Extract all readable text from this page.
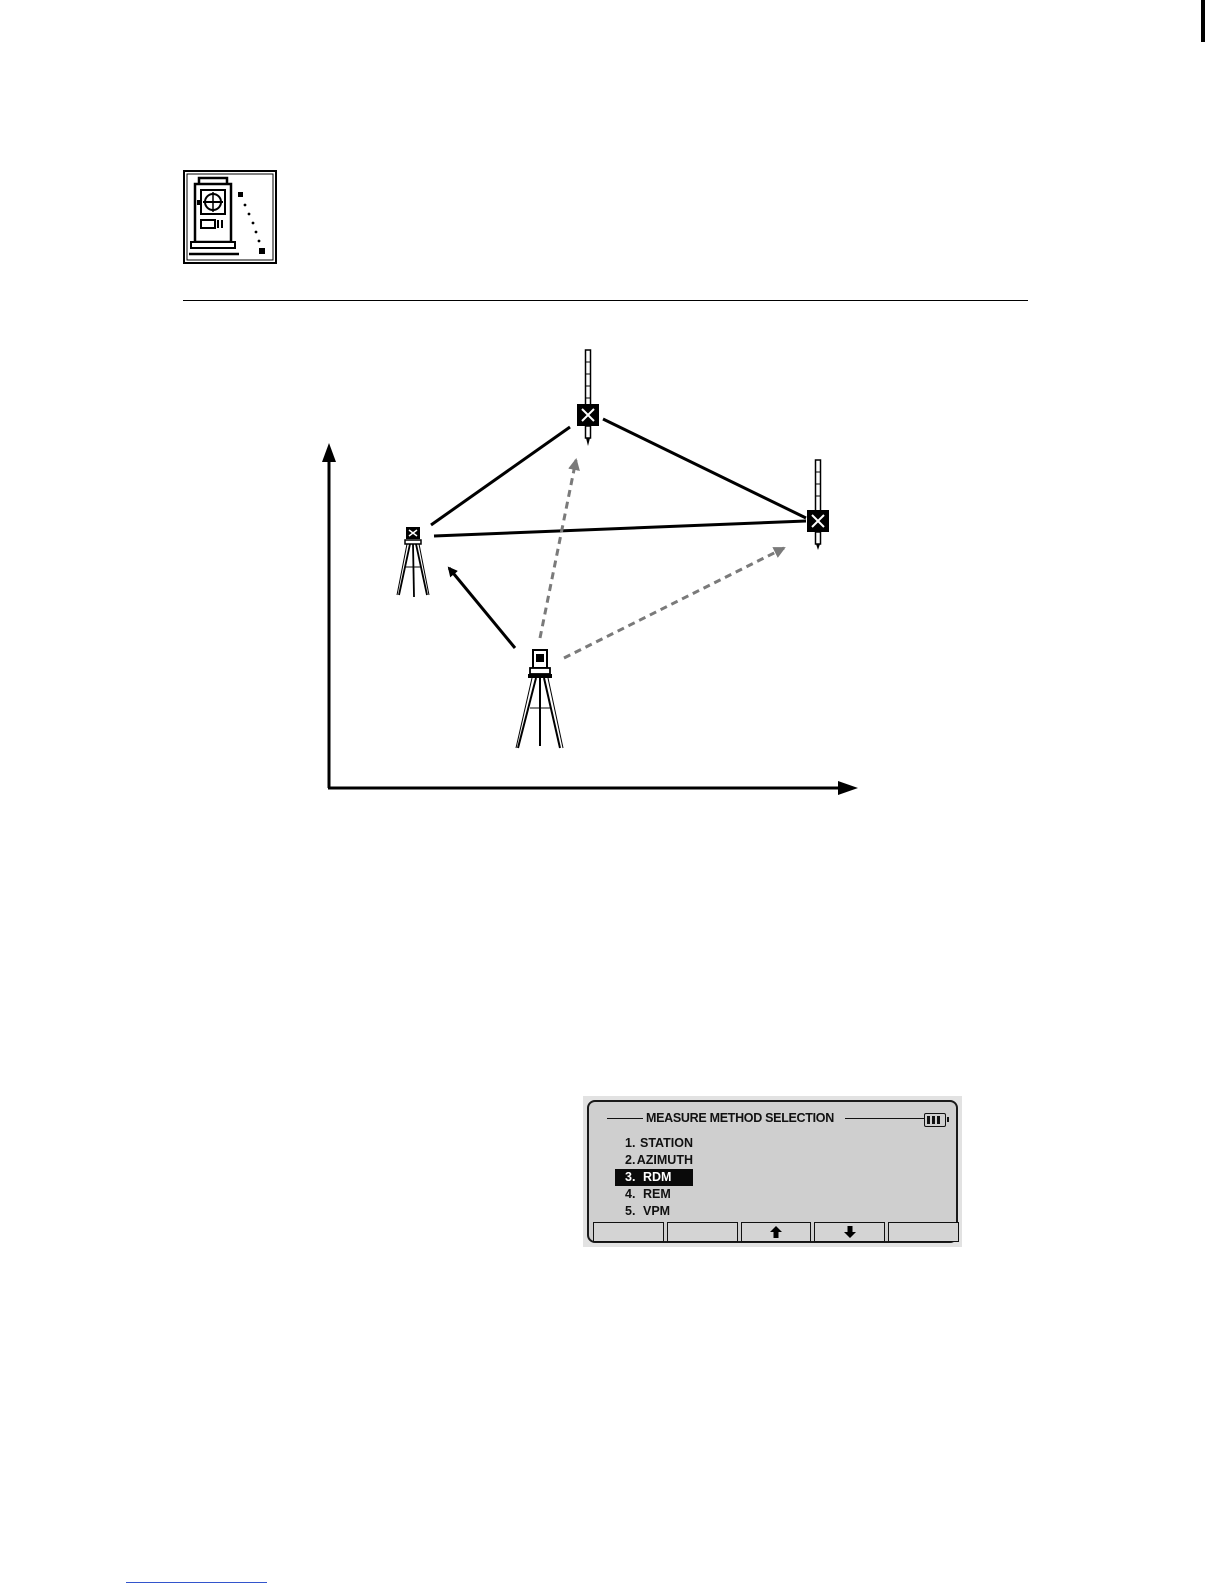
MEASURE METHOD SELECTION
1. STATION
2. AZIMUTH
3. RDM
4. REM
5. VPM
